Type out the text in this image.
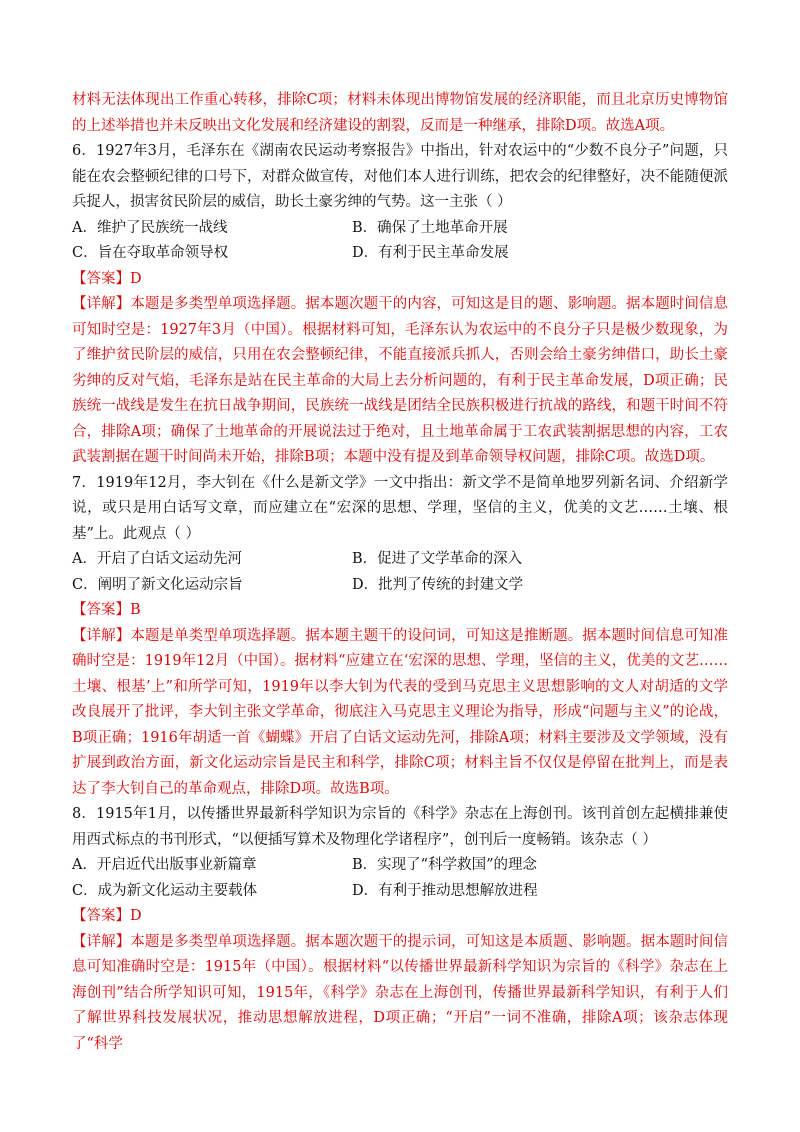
材料无法体现出工作重心转移，排除C项；材料未体现出博物馆发展的经济职能，而且北京历史博物馆的上述举措也并未反映出文化发展和经济建设的割裂，反而是一种继承，排除D项。故选A项。

6．1927年3月，毛泽东在《湖南农民运动考察报告》中指出，针对农运中的“少数不良分子”问题，只能在农会整顿纪律的口号下，对群众做宣传，对他们本人进行训练，把农会的纪律整好，决不能随便派兵捉人，损害贫民阶层的威信，助长土豪劣绅的气势。这一主张（ ）

A．维护了民族统一战线	B．确保了土地革命开展
C．旨在夺取革命领导权	D．有利于民主革命发展

【答案】D

【详解】本题是多类型单项选择题。据本题次题干的内容，可知这是目的题、影响题。据本题时间信息可知时空是：1927年3月（中国）。根据材料可知，毛泽东认为农运中的不良分子只是极少数现象，为了维护贫民阶层的威信，只用在农会整顿纪律，不能直接派兵抓人，否则会给土豪劣绅借口，助长土豪劣绅的反对气焰，毛泽东是站在民主革命的大局上去分析问题的，有利于民主革命发展，D项正确；民族统一战线是发生在抗日战争期间，民族统一战线是团结全民族积极进行抗战的路线，和题干时间不符合，排除A项；确保了土地革命的开展说法过于绝对，且土地革命属于工农武装割据思想的内容，工农武装割据在题干时间尚未开始，排除B项；本题中没有提及到革命领导权问题，排除C项。故选D项。

7．1919年12月，李大钊在《什么是新文学》一文中指出：新文学不是简单地罗列新名词、介绍新学说，或只是用白话写文章，而应建立在“宏深的思想、学理，坚信的主义，优美的文艺……土壤、根基”上。此观点（ ）

A．开启了白话文运动先河	B．促进了文学革命的深入
C．阐明了新文化运动宗旨	D．批判了传统的封建文学

【答案】B

【详解】本题是单类型单项选择题。据本题主题干的设问词，可知这是推断题。据本题时间信息可知准确时空是：1919年12月（中国）。据材料“应建立在‘宏深的思想、学理，坚信的主义，优美的文艺……土壤、根基’上”和所学可知，1919年以李大钊为代表的受到马克思主义思想影响的文人对胡适的文学改良展开了批评，李大钊主张文学革命，彻底注入马克思主义理论为指导，形成“问题与主义”的论战，B项正确；1916年胡适一首《蝴蝶》开启了白话文运动先河，排除A项；材料主要涉及文学领域，没有扩展到政治方面，新文化运动宗旨是民主和科学，排除C项；材料主旨不仅仅是停留在批判上，而是表达了李大钊自己的革命观点，排除D项。故选B项。

8．1915年1月，以传播世界最新科学知识为宗旨的《科学》杂志在上海创刊。该刊首创左起横排兼使用西式标点的书刊形式，“以便插写算术及物理化学诸程序”，创刊后一度畅销。该杂志（ ）

A．开启近代出版事业新篇章	B．实现了“科学救国”的理念
C．成为新文化运动主要载体	D．有利于推动思想解放进程

【答案】D

【详解】本题是多类型单项选择题。据本题次题干的提示词，可知这是本质题、影响题。据本题时间信息可知准确时空是：1915年（中国）。根据材料“以传播世界最新科学知识为宗旨的《科学》杂志在上海创刊”结合所学知识可知，1915年，《科学》杂志在上海创刊，传播世界最新科学知识，有利于人们了解世界科技发展状况，推动思想解放进程，D项正确；“开启”一词不准确，排除A项；该杂志体现了“科学
